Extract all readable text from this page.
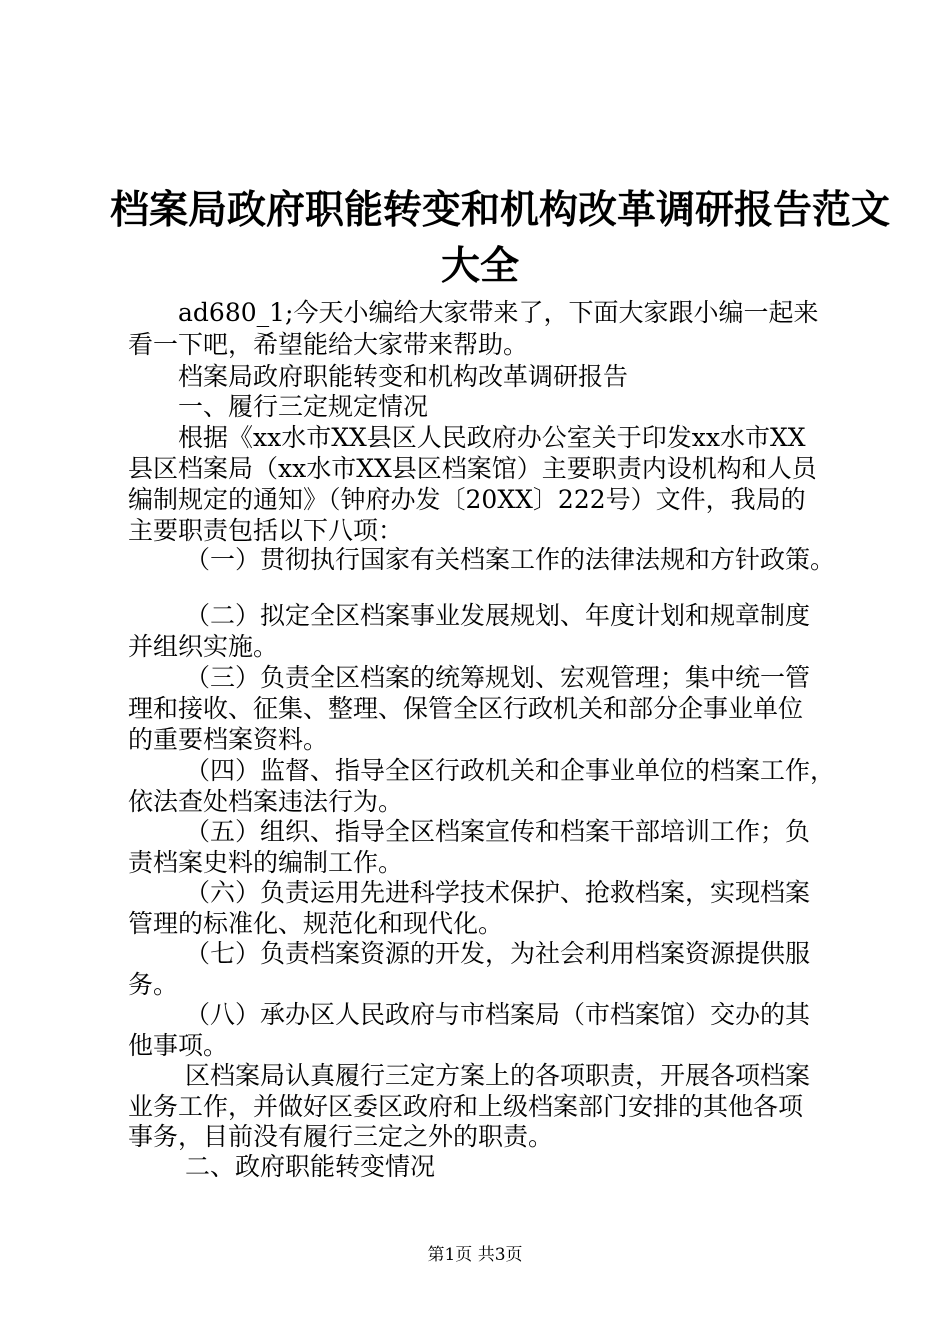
档案局政府职能转变和机构改革调研报告范文
大全

ad680_1;今天小编给大家带来了，下面大家跟小编一起来

看一下吧，希望能给大家带来帮助。

档案局政府职能转变和机构改革调研报告

一、履行三定规定情况

根据《xx水市XX县区人民政府办公室关于印发xx水市XX

县区档案局（xx水市XX县区档案馆）主要职责内设机构和人员

编制规定的通知》（钟府办发〔20XX〕222号）文件，我局的

主要职责包括以下八项：

（一）贯彻执行国家有关档案工作的法律法规和方针政策。

（二）拟定全区档案事业发展规划、年度计划和规章制度

并组织实施。

（三）负责全区档案的统筹规划、宏观管理；集中统一管

理和接收、征集、整理、保管全区行政机关和部分企事业单位

的重要档案资料。

（四）监督、指导全区行政机关和企事业单位的档案工作，

依法查处档案违法行为。

（五）组织、指导全区档案宣传和档案干部培训工作；负

责档案史料的编制工作。

（六）负责运用先进科学技术保护、抢救档案，实现档案

管理的标准化、规范化和现代化。

（七）负责档案资源的开发，为社会利用档案资源提供服

务。

（八）承办区人民政府与市档案局（市档案馆）交办的其

他事项。

区档案局认真履行三定方案上的各项职责，开展各项档案

业务工作，并做好区委区政府和上级档案部门安排的其他各项

事务，目前没有履行三定之外的职责。

二、政府职能转变情况

第1页 共3页
